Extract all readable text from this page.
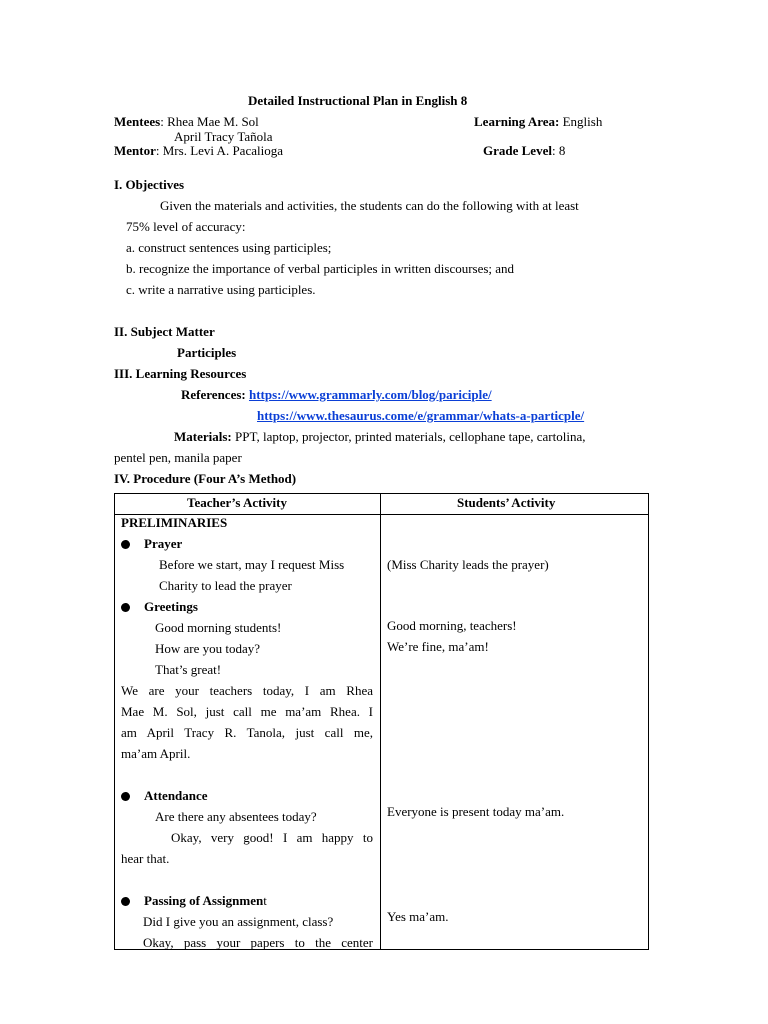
Detailed Instructional Plan in English 8
Mentees: Rhea Mae M. Sol
April Tracy Tañola
Mentor: Mrs. Levi A. Pacalioga
Learning Area: English
Grade Level: 8
I. Objectives
Given the materials and activities, the students can do the following with at least
75% level of accuracy:
a. construct sentences using participles;
b. recognize the importance of verbal participles in written discourses; and
c. write a narrative using participles.
II. Subject Matter
Participles
III. Learning Resources
References: https://www.grammarly.com/blog/pariciple/
https://www.thesaurus.come/e/grammar/whats-a-particple/
Materials: PPT, laptop, projector, printed materials, cellophane tape, cartolina,
pentel pen, manila paper
IV. Procedure (Four A’s Method)
Teacher’s Activity	Students’ Activity
PRELIMINARIES
Prayer
Before we start, may I request Miss
Charity to lead the prayer
(Miss Charity leads the prayer)
Greetings
Good morning students!
How are you today?
That’s great!
Good morning, teachers!
We’re fine, ma’am!
We are your teachers today, I am Rhea
Mae M. Sol, just call me ma’am Rhea. I
am April Tracy R. Tanola, just call me,
ma’am April.
Attendance
Are there any absentees today?
Okay, very good! I am happy to
hear that.
Everyone is present today ma’am.
Passing of Assignment
Did I give you an assignment, class?
Okay, pass your papers to the center
Yes ma’am.
